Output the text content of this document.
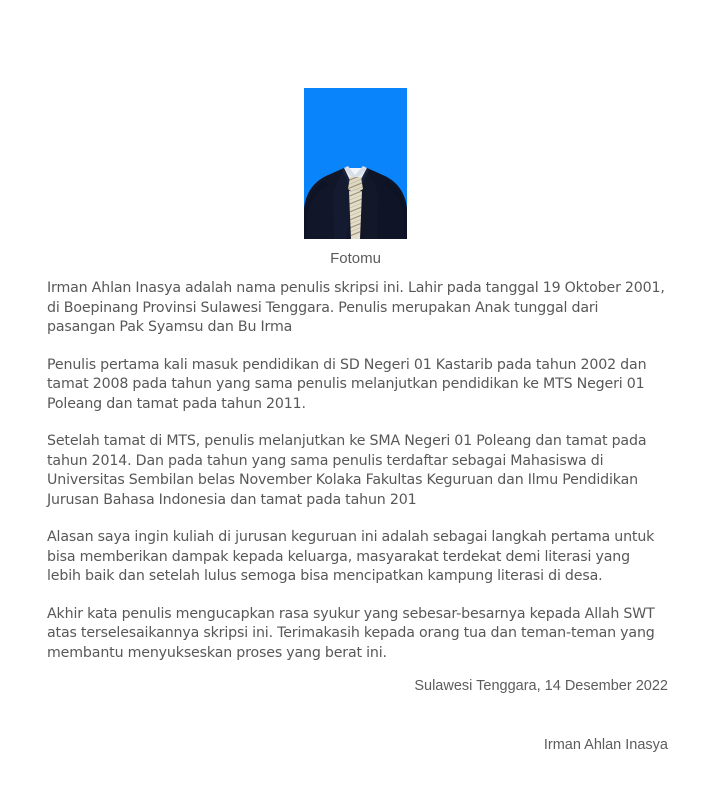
Fotomu

Irman Ahlan Inasya adalah nama penulis skripsi ini. Lahir pada tanggal 19 Oktober 2001, di Boepinang Provinsi Sulawesi Tenggara. Penulis merupakan Anak tunggal dari pasangan Pak Syamsu dan Bu Irma

Penulis pertama kali masuk pendidikan di SD Negeri 01 Kastarib pada tahun 2002 dan tamat 2008 pada tahun yang sama penulis melanjutkan pendidikan ke MTS Negeri 01 Poleang dan tamat pada tahun 2011.

Setelah tamat di MTS, penulis melanjutkan ke SMA Negeri 01 Poleang dan tamat pada tahun 2014. Dan pada tahun yang sama penulis terdaftar sebagai Mahasiswa di Universitas Sembilan belas November Kolaka Fakultas Keguruan dan Ilmu Pendidikan Jurusan Bahasa Indonesia dan tamat pada tahun 201

Alasan saya ingin kuliah di jurusan keguruan ini adalah sebagai langkah pertama untuk bisa memberikan dampak kepada keluarga, masyarakat terdekat demi literasi yang lebih baik dan setelah lulus semoga bisa mencipatkan kampung literasi di desa.

Akhir kata penulis mengucapkan rasa syukur yang sebesar-besarnya kepada Allah SWT atas terselesaikannya skripsi ini. Terimakasih kepada orang tua dan teman-teman yang membantu menyukseskan proses yang berat ini.

Sulawesi Tenggara, 14 Desember 2022
Irman Ahlan Inasya
